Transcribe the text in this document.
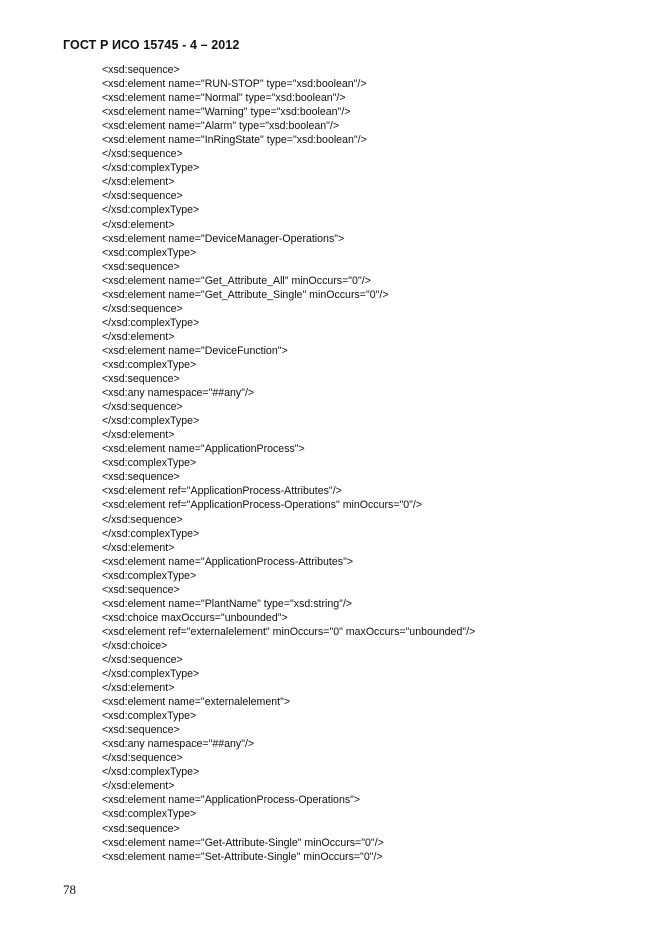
ГОСТ Р ИСО 15745 - 4 – 2012
<xsd:sequence>
<xsd:element name="RUN-STOP" type="xsd:boolean"/>
<xsd:element name="Normal" type="xsd:boolean"/>
<xsd:element name="Warning" type="xsd:boolean"/>
<xsd:element name="Alarm" type="xsd:boolean"/>
<xsd:element name="InRingState" type="xsd:boolean"/>
</xsd:sequence>
</xsd:complexType>
</xsd:element>
</xsd:sequence>
</xsd:complexType>
</xsd:element>
<xsd:element name="DeviceManager-Operations">
<xsd:complexType>
<xsd:sequence>
<xsd:element name="Get_Attribute_All" minOccurs="0"/>
<xsd:element name="Get_Attribute_Single" minOccurs="0"/>
</xsd:sequence>
</xsd:complexType>
</xsd:element>
<xsd:element name="DeviceFunction">
<xsd:complexType>
<xsd:sequence>
<xsd:any namespace="##any"/>
</xsd:sequence>
</xsd:complexType>
</xsd:element>
<xsd:element name="ApplicationProcess">
<xsd:complexType>
<xsd:sequence>
<xsd:element ref="ApplicationProcess-Attributes"/>
<xsd:element ref="ApplicationProcess-Operations" minOccurs="0"/>
</xsd:sequence>
</xsd:complexType>
</xsd:element>
<xsd:element name="ApplicationProcess-Attributes">
<xsd:complexType>
<xsd:sequence>
<xsd:element name="PlantName" type="xsd:string"/>
<xsd:choice maxOccurs="unbounded">
<xsd:element ref="externalelement" minOccurs="0" maxOccurs="unbounded"/>
</xsd:choice>
</xsd:sequence>
</xsd:complexType>
</xsd:element>
<xsd:element name="externalelement">
<xsd:complexType>
<xsd:sequence>
<xsd:any namespace="##any"/>
</xsd:sequence>
</xsd:complexType>
</xsd:element>
<xsd:element name="ApplicationProcess-Operations">
<xsd:complexType>
<xsd:sequence>
<xsd:element name="Get-Attribute-Single" minOccurs="0"/>
<xsd:element name="Set-Attribute-Single" minOccurs="0"/>
78
